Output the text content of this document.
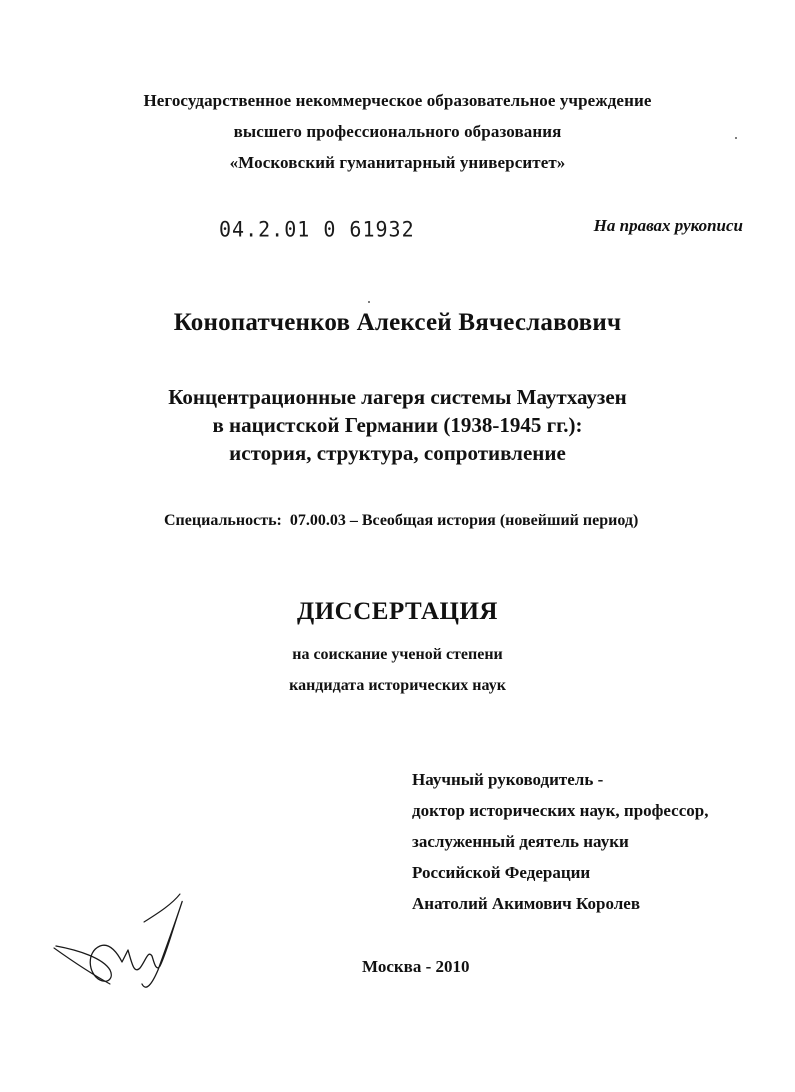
Негосударственное некоммерческое образовательное учреждение
высшего профессионального образования
«Московский гуманитарный университет»
04.2.01 0 61932	На правах рукописи
Конопатченков Алексей Вячеславович
Концентрационные лагеря системы Маутхаузен
в нацистской Германии (1938-1945 гг.):
история, структура, сопротивление
Специальность: 07.00.03 – Всеобщая история (новейший период)
ДИССЕРТАЦИЯ
на соискание ученой степени
кандидата исторических наук
Научный руководитель -
доктор исторических наук, профессор,
заслуженный деятель науки
Российской Федерации
Анатолий Акимович Королев
Москва - 2010
